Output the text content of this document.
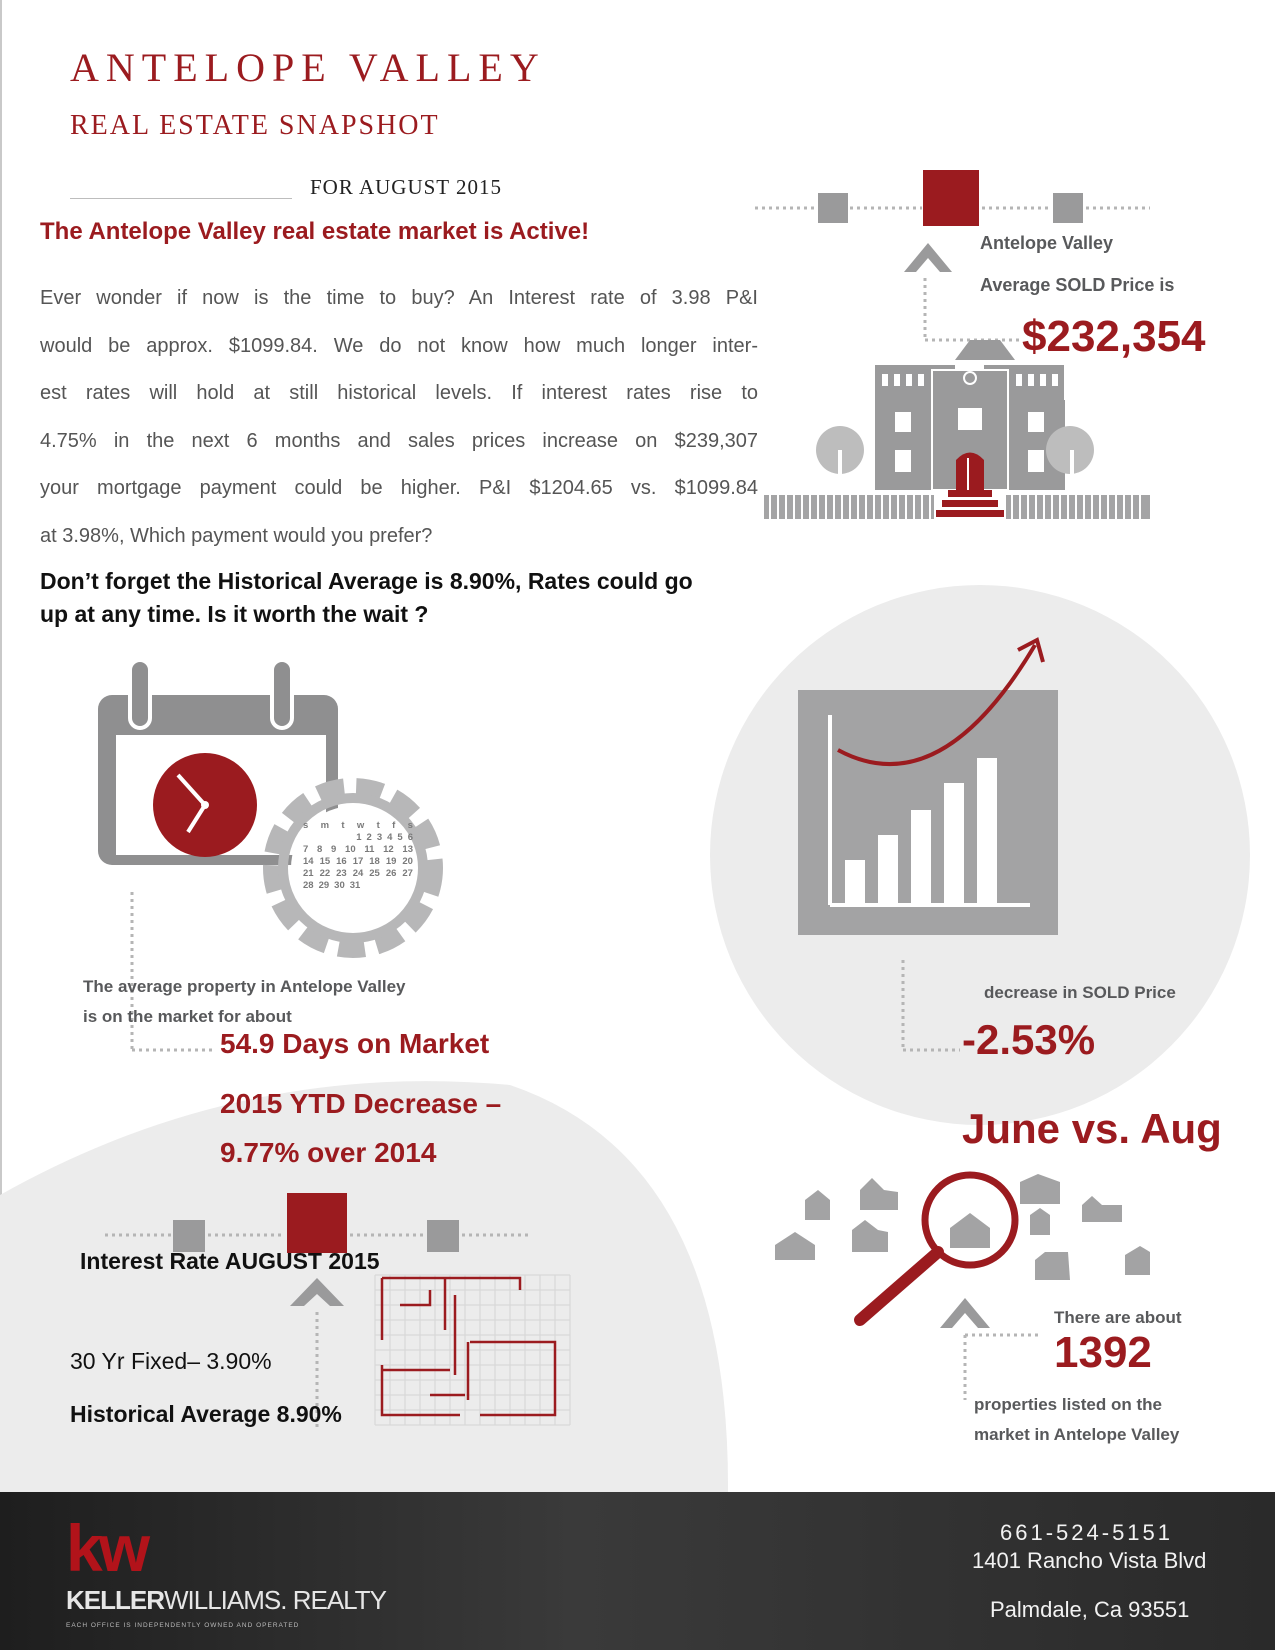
ANTELOPE VALLEY
REAL ESTATE SNAPSHOT
FOR AUGUST 2015
The Antelope Valley real estate market is Active!
Ever wonder if now is the time to buy? An Interest rate of 3.98 P&I
would be approx. $1099.84. We do not know how much longer inter-
est rates will hold at still historical levels. If interest rates rise to
4.75% in the next 6 months and sales prices increase on $239,307
your mortgage payment could be higher. P&I $1204.65 vs. $1099.84
at 3.98%, Which payment would you prefer?
Don’t forget the Historical Average is 8.90%, Rates could go
up at any time. Is it worth the wait ?
Antelope Valley
Average SOLD Price is
$232,354
s m t w t f s
1 2 3 4 5 6
7 8 9 10 11 12 13
14 15 16 17 18 19 20
21 22 23 24 25 26 27
28 29 30 31
The average property in Antelope Valley
is on the market for about
54.9 Days on Market
2015 YTD Decrease –
9.77% over 2014
decrease in SOLD Price
-2.53%
June vs. Aug
Interest Rate AUGUST 2015
30 Yr Fixed– 3.90%
Historical Average 8.90%
There are about
1392
properties listed on the
market in Antelope Valley
kw
KELLERWILLIAMS. REALTY
EACH OFFICE IS INDEPENDENTLY OWNED AND OPERATED
661-524-5151
1401 Rancho Vista Blvd
Palmdale, Ca 93551
